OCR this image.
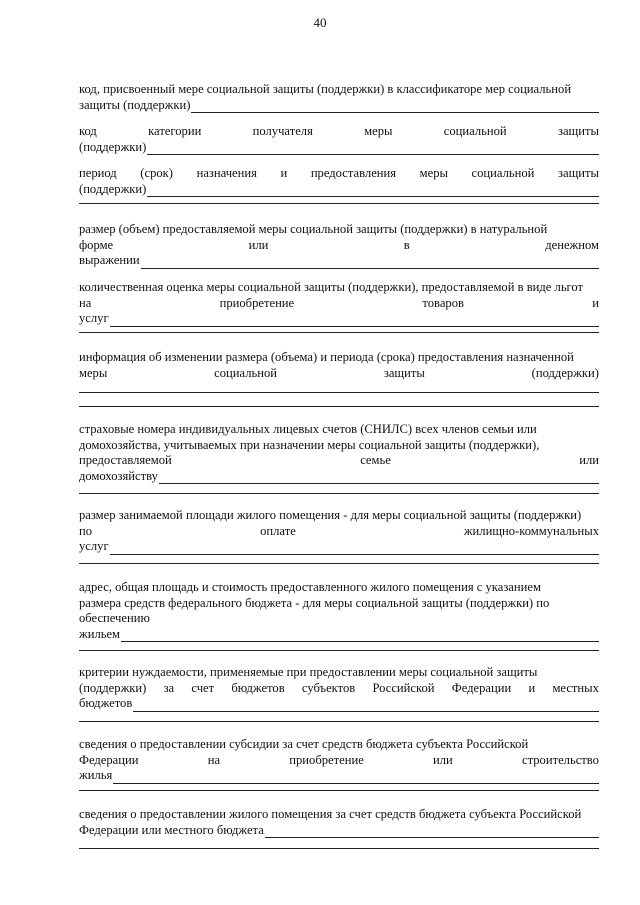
40
код, присвоенный мере социальной защиты (поддержки) в классификаторе мер социальной
защиты (поддержки)
код	категории	получателя	меры	социальной	защиты
(поддержки)
период (срок) назначения и предоставления меры социальной защиты
(поддержки)
размер (объем) предоставляемой меры социальной защиты (поддержки) в натуральной
форме	или	в	денежном
выражении
количественная оценка меры социальной защиты (поддержки), предоставляемой в виде льгот
на	приобретение	товаров	и
услуг
информация об изменении размера (объема) и периода (срока) предоставления назначенной
меры	социальной	защиты	(поддержки)
страховые номера индивидуальных лицевых счетов (СНИЛС) всех членов семьи или
домохозяйства, учитываемых при назначении меры социальной защиты (поддержки),
предоставляемой	семье	или
домохозяйству
размер занимаемой площади жилого помещения - для меры социальной защиты (поддержки)
по	оплате	жилищно-коммунальных
услуг
адрес, общая площадь и стоимость предоставленного жилого помещения с указанием
размера средств федерального бюджета - для меры социальной защиты (поддержки) по
обеспечению
жильем
критерии нуждаемости, применяемые при предоставлении меры социальной защиты
(поддержки) за счет бюджетов субъектов Российской Федерации и местных
бюджетов
сведения о предоставлении субсидии за счет средств бюджета субъекта Российской
Федерации	на	приобретение	или	строительство
жилья
сведения о предоставлении жилого помещения за счет средств бюджета субъекта Российской
Федерации или местного бюджета
